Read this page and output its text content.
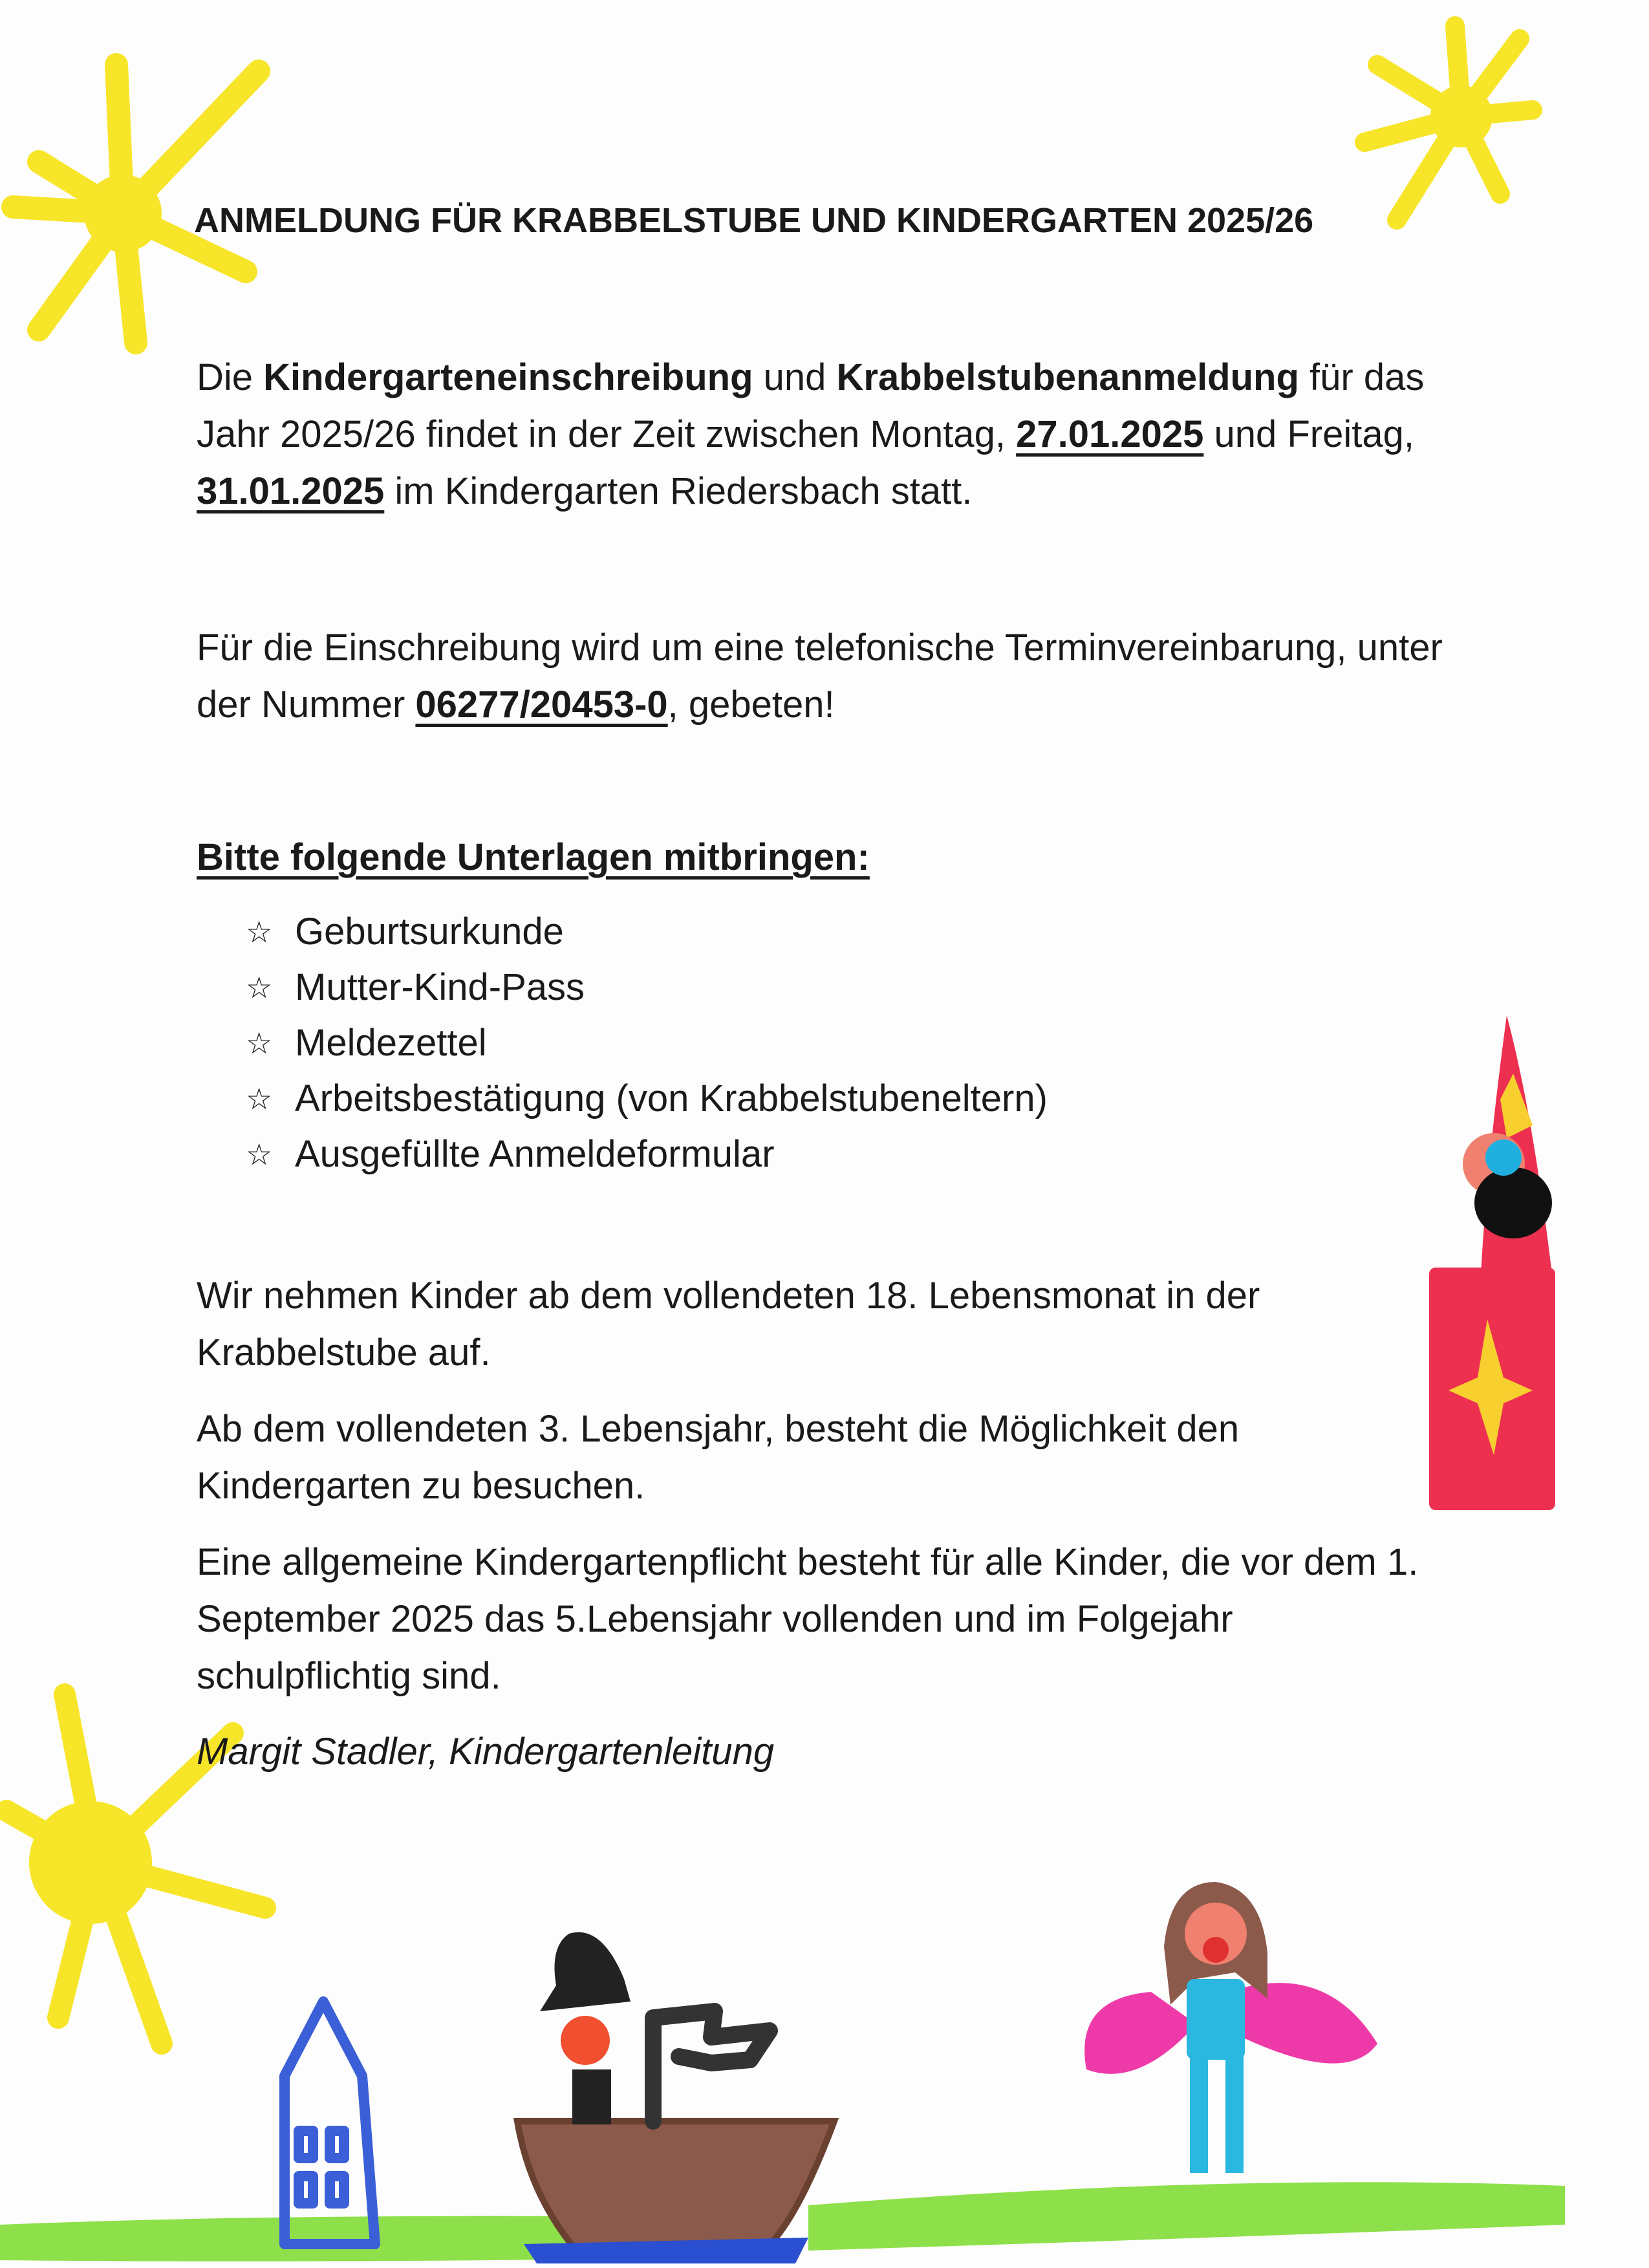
ANMELDUNG FÜR KRABBELSTUBE UND KINDERGARTEN 2025/26

Die Kindergarteneinschreibung und Krabbelstubenanmeldung für das Jahr 2025/26 findet in der Zeit zwischen Montag, 27.01.2025 und Freitag, 31.01.2025 im Kindergarten Riedersbach statt.

Für die Einschreibung wird um eine telefonische Terminvereinbarung, unter der Nummer 06277/20453-0, gebeten!

Bitte folgende Unterlagen mitbringen:

☆ Geburtsurkunde
☆ Mutter-Kind-Pass
☆ Meldezettel
☆ Arbeitsbestätigung (von Krabbelstubeneltern)
☆ Ausgefüllte Anmeldeformular

Wir nehmen Kinder ab dem vollendeten 18. Lebensmonat in der Krabbelstube auf.

Ab dem vollendeten 3. Lebensjahr, besteht die Möglichkeit den Kindergarten zu besuchen.

Eine allgemeine Kindergartenpflicht besteht für alle Kinder, die vor dem 1. September 2025 das 5.Lebensjahr vollenden und im Folgejahr schulpflichtig sind.

Margit Stadler, Kindergartenleitung
